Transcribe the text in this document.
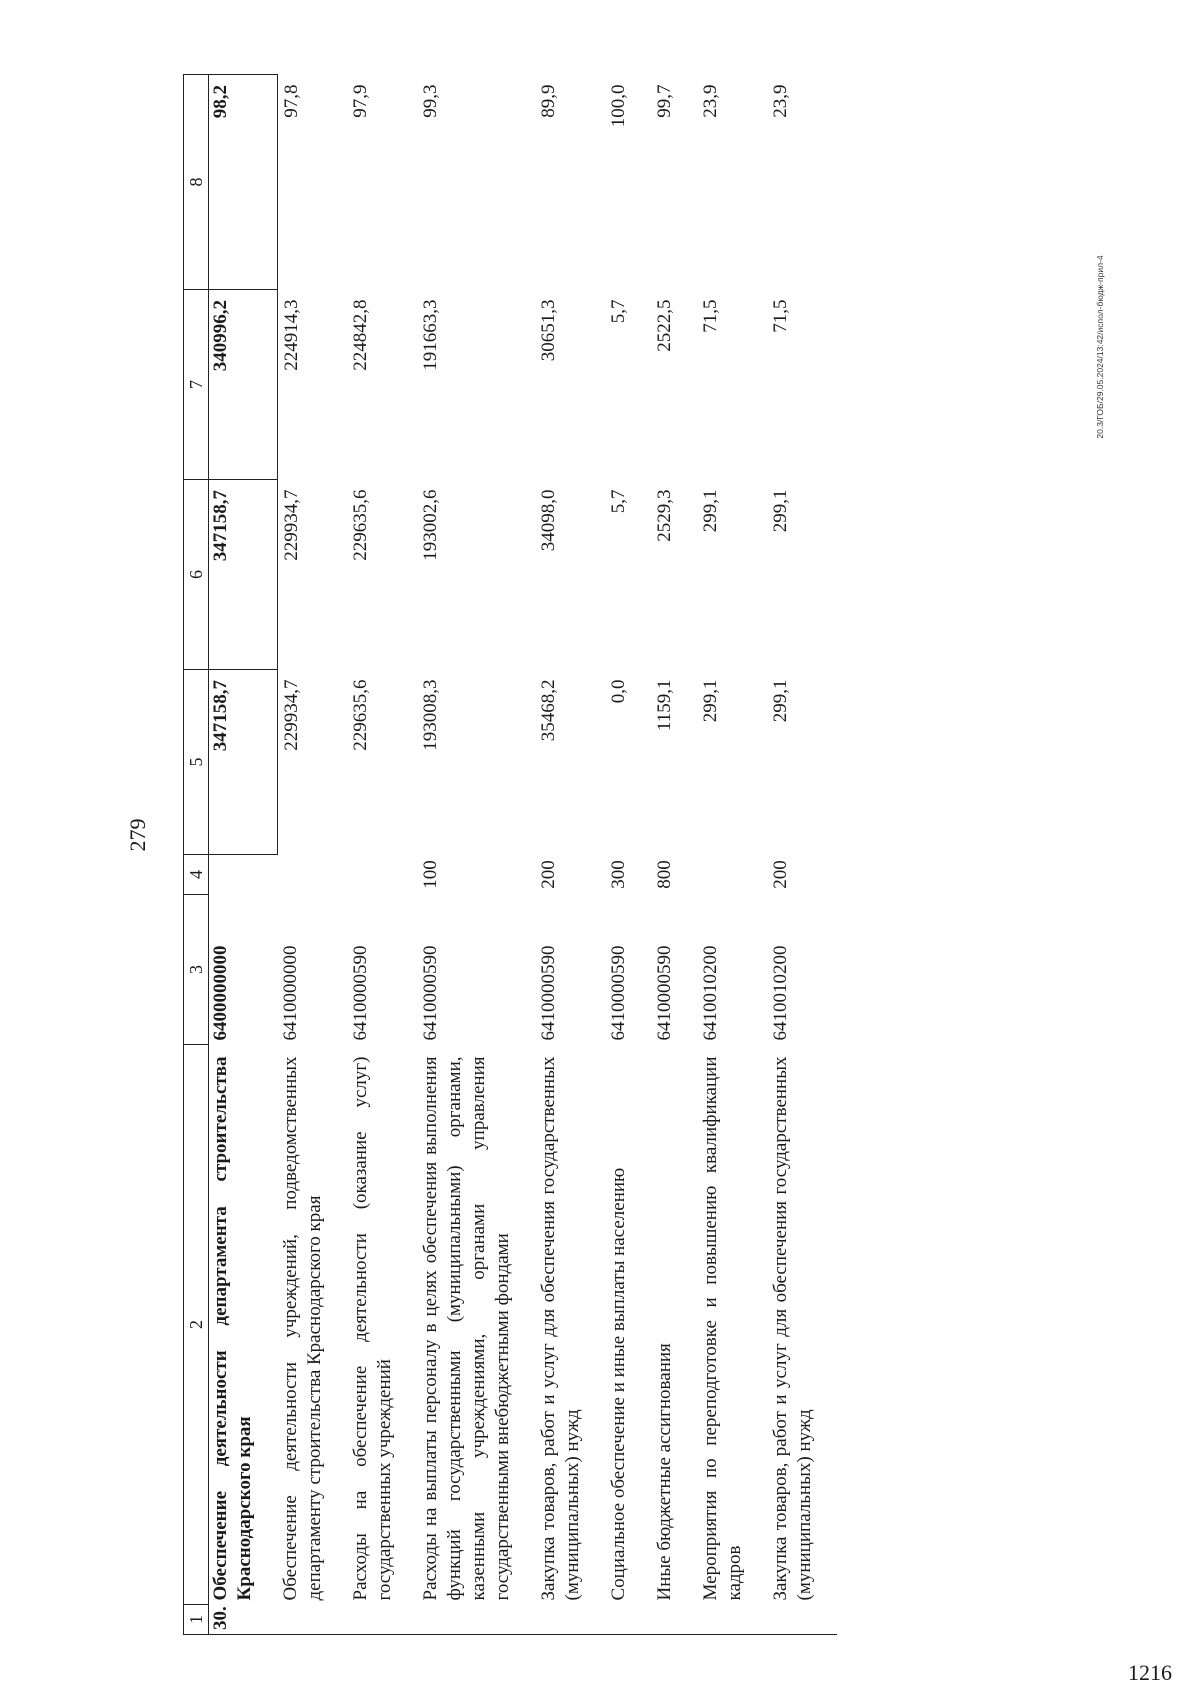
279
20.3/ГОБ/29.05.2024/13:42/испол-бюдж-прил-4
1216
1	2	3	4	5	6	7	8
30.	Обеспечение деятельности департамента строительства Краснодарского края	6400000000		347158,7	347158,7	340996,2	98,2
	Обеспечение деятельности учреждений, подведомственных департаменту строительства Краснодарского края	6410000000		229934,7	229934,7	224914,3	97,8
	Расходы на обеспечение деятельности (оказание услуг) государственных учреждений	6410000590		229635,6	229635,6	224842,8	97,9
	Расходы на выплаты персоналу в целях обеспечения выполнения функций государственными (муниципальными) органами, казенными учреждениями, органами управления государственными внебюджетными фондами	6410000590	100	193008,3	193002,6	191663,3	99,3
	Закупка товаров, работ и услуг для обеспечения государственных (муниципальных) нужд	6410000590	200	35468,2	34098,0	30651,3	89,9
	Социальное обеспечение и иные выплаты населению	6410000590	300	0,0	5,7	5,7	100,0
	Иные бюджетные ассигнования	6410000590	800	1159,1	2529,3	2522,5	99,7
	Мероприятия по переподготовке и повышению квалификации кадров	6410010200		299,1	299,1	71,5	23,9
	Закупка товаров, работ и услуг для обеспечения государственных (муниципальных) нужд	6410010200	200	299,1	299,1	71,5	23,9
